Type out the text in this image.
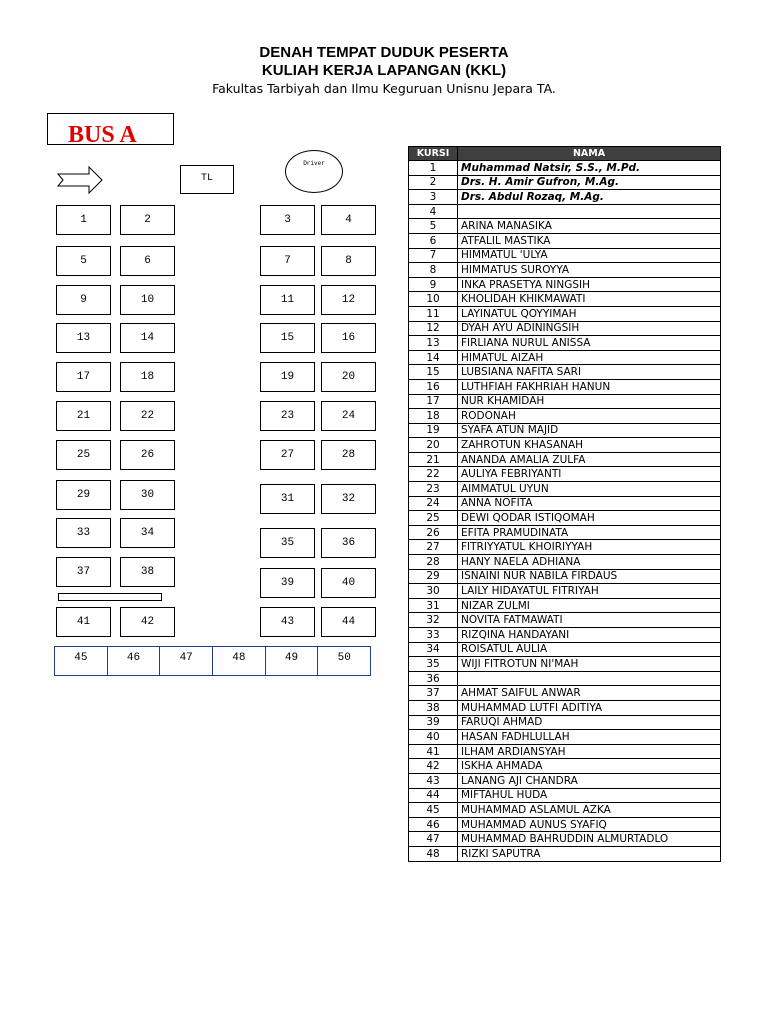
DENAH TEMPAT DUDUK PESERTA
KULIAH KERJA LAPANGAN (KKL)
Fakultas Tarbiyah dan Ilmu Keguruan Unisnu Jepara TA.
BUS A
TL
Driver
1	2	3	4
5	6	7	8
9	10	11	12
13	14	15	16
17	18	19	20
21	22	23	24
25	26	27	28
29	30	31	32
33	34
35	36
37	38
39	40
41	42	43	44
45	46	47	48	49	50
KURSI	NAMA
1	Muhammad Natsir, S.S., M.Pd.
2	Drs. H. Amir Gufron, M.Ag.
3	Drs. Abdul Rozaq, M.Ag.
4	
5	ARINA MANASIKA
6	ATFALIL MASTIKA
7	HIMMATUL 'ULYA
8	HIMMATUS SUROYYA
9	INKA PRASETYA NINGSIH
10	KHOLIDAH KHIKMAWATI
11	LAYINATUL QOYYIMAH
12	DYAH AYU ADININGSIH
13	FIRLIANA NURUL ANISSA
14	HIMATUL AIZAH
15	LUBSIANA NAFITA SARI
16	LUTHFIAH FAKHRIAH HANUN
17	NUR KHAMIDAH
18	RODONAH
19	SYAFA ATUN MAJID
20	ZAHROTUN KHASANAH
21	ANANDA AMALIA ZULFA
22	AULIYA FEBRIYANTI
23	AIMMATUL UYUN
24	ANNA NOFITA
25	DEWI QODAR ISTIQOMAH
26	EFITA PRAMUDINATA
27	FITRIYYATUL KHOIRIYYAH
28	HANY NAELA ADHIANA
29	ISNAINI NUR NABILA FIRDAUS
30	LAILY HIDAYATUL FITRIYAH
31	NIZAR ZULMI
32	NOVITA FATMAWATI
33	RIZQINA HANDAYANI
34	ROISATUL AULIA
35	WIJI FITROTUN NI'MAH
36	
37	AHMAT SAIFUL ANWAR
38	MUHAMMAD LUTFI ADITIYA
39	FARUQI AHMAD
40	HASAN FADHLULLAH
41	ILHAM ARDIANSYAH
42	ISKHA AHMADA
43	LANANG AJI CHANDRA
44	MIFTAHUL HUDA
45	MUHAMMAD ASLAMUL AZKA
46	MUHAMMAD AUNUS SYAFIQ
47	MUHAMMAD BAHRUDDIN ALMURTADLO
48	RIZKI SAPUTRA
